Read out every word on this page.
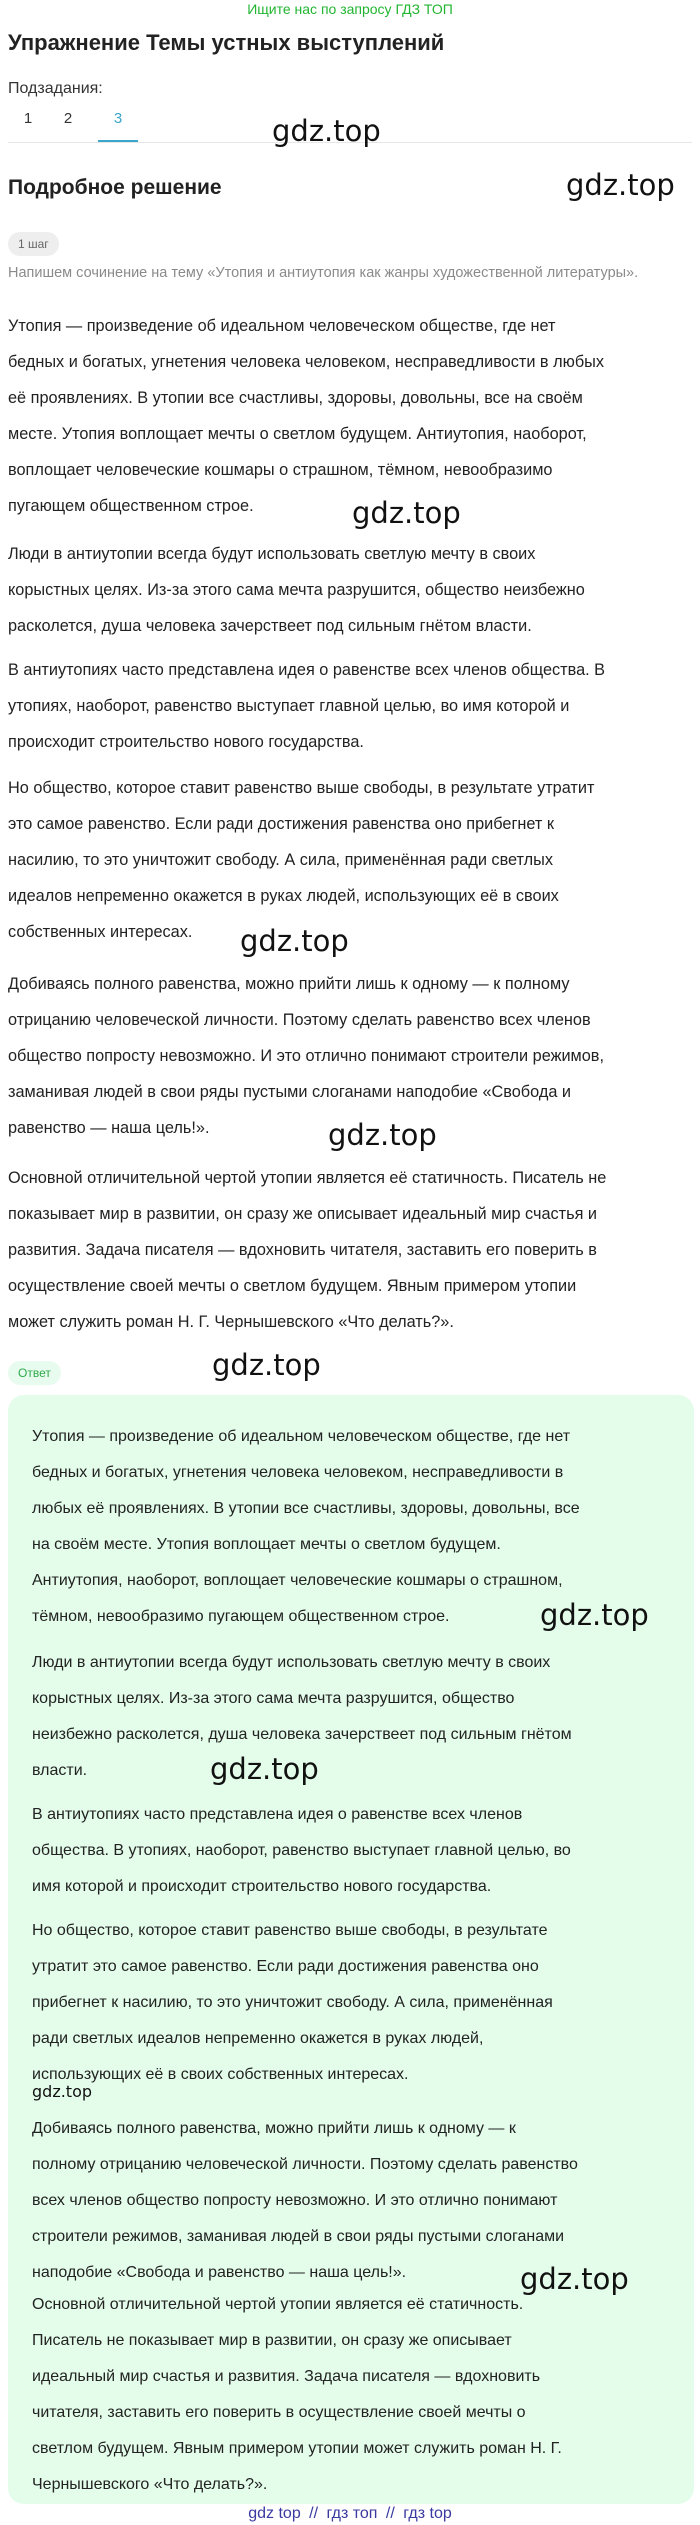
Ищите нас по запросу ГДЗ ТОП
Упражнение Темы устных выступлений
Подзадания:
1	2	3	gdz.top
Подробное решение	gdz.top
1 шаг
Напишем сочинение на тему «Утопия и антиутопия как жанры художественной литературы».
Утопия — произведение об идеальном человеческом обществе, где нет
бедных и богатых, угнетения человека человеком, несправедливости в любых
её проявлениях. В утопии все счастливы, здоровы, довольны, все на своём
месте. Утопия воплощает мечты о светлом будущем. Антиутопия, наоборот,
воплощает человеческие кошмары о страшном, тёмном, невообразимо
пугающем общественном строе.	gdz.top
Люди в антиутопии всегда будут использовать светлую мечту в своих
корыстных целях. Из-за этого сама мечта разрушится, общество неизбежно
расколется, душа человека зачерствеет под сильным гнётом власти.
В антиутопиях часто представлена идея о равенстве всех членов общества. В
утопиях, наоборот, равенство выступает главной целью, во имя которой и
происходит строительство нового государства.
Но общество, которое ставит равенство выше свободы, в результате утратит
это самое равенство. Если ради достижения равенства оно прибегнет к
насилию, то это уничтожит свободу. А сила, применённая ради светлых
идеалов непременно окажется в руках людей, использующих её в своих
собственных интересах.	gdz.top
Добиваясь полного равенства, можно прийти лишь к одному — к полному
отрицанию человеческой личности. Поэтому сделать равенство всех членов
общество попросту невозможно. И это отлично понимают строители режимов,
заманивая людей в свои ряды пустыми слоганами наподобие «Свобода и
равенство — наша цель!».	gdz.top
Основной отличительной чертой утопии является её статичность. Писатель не
показывает мир в развитии, он сразу же описывает идеальный мир счастья и
развития. Задача писателя — вдохновить читателя, заставить его поверить в
осуществление своей мечты о светлом будущем. Явным примером утопии
может служить роман Н. Г. Чернышевского «Что делать?».
Ответ	gdz.top
Утопия — произведение об идеальном человеческом обществе, где нет
бедных и богатых, угнетения человека человеком, несправедливости в
любых её проявлениях. В утопии все счастливы, здоровы, довольны, все
на своём месте. Утопия воплощает мечты о светлом будущем.
Антиутопия, наоборот, воплощает человеческие кошмары о страшном,
тёмном, невообразимо пугающем общественном строе.
Люди в антиутопии всегда будут использовать светлую мечту в своих
корыстных целях. Из-за этого сама мечта разрушится, общество
неизбежно расколется, душа человека зачерствеет под сильным гнётом
власти.
В антиутопиях часто представлена идея о равенстве всех членов
общества. В утопиях, наоборот, равенство выступает главной целью, во
имя которой и происходит строительство нового государства.
Но общество, которое ставит равенство выше свободы, в результате
утратит это самое равенство. Если ради достижения равенства оно
прибегнет к насилию, то это уничтожит свободу. А сила, применённая
ради светлых идеалов непременно окажется в руках людей,
использующих её в своих собственных интересах.
Добиваясь полного равенства, можно прийти лишь к одному — к
полному отрицанию человеческой личности. Поэтому сделать равенство
всех членов общество попросту невозможно. И это отлично понимают
строители режимов, заманивая людей в свои ряды пустыми слоганами
наподобие «Свобода и равенство — наша цель!».
Основной отличительной чертой утопии является её статичность.
Писатель не показывает мир в развитии, он сразу же описывает
идеальный мир счастья и развития. Задача писателя — вдохновить
читателя, заставить его поверить в осуществление своей мечты о
светлом будущем. Явным примером утопии может служить роман Н. Г.
Чернышевского «Что делать?».
gdz.top
gdz.top
gdz.top
gdz.top
gdz top // гдз топ // гдз top
